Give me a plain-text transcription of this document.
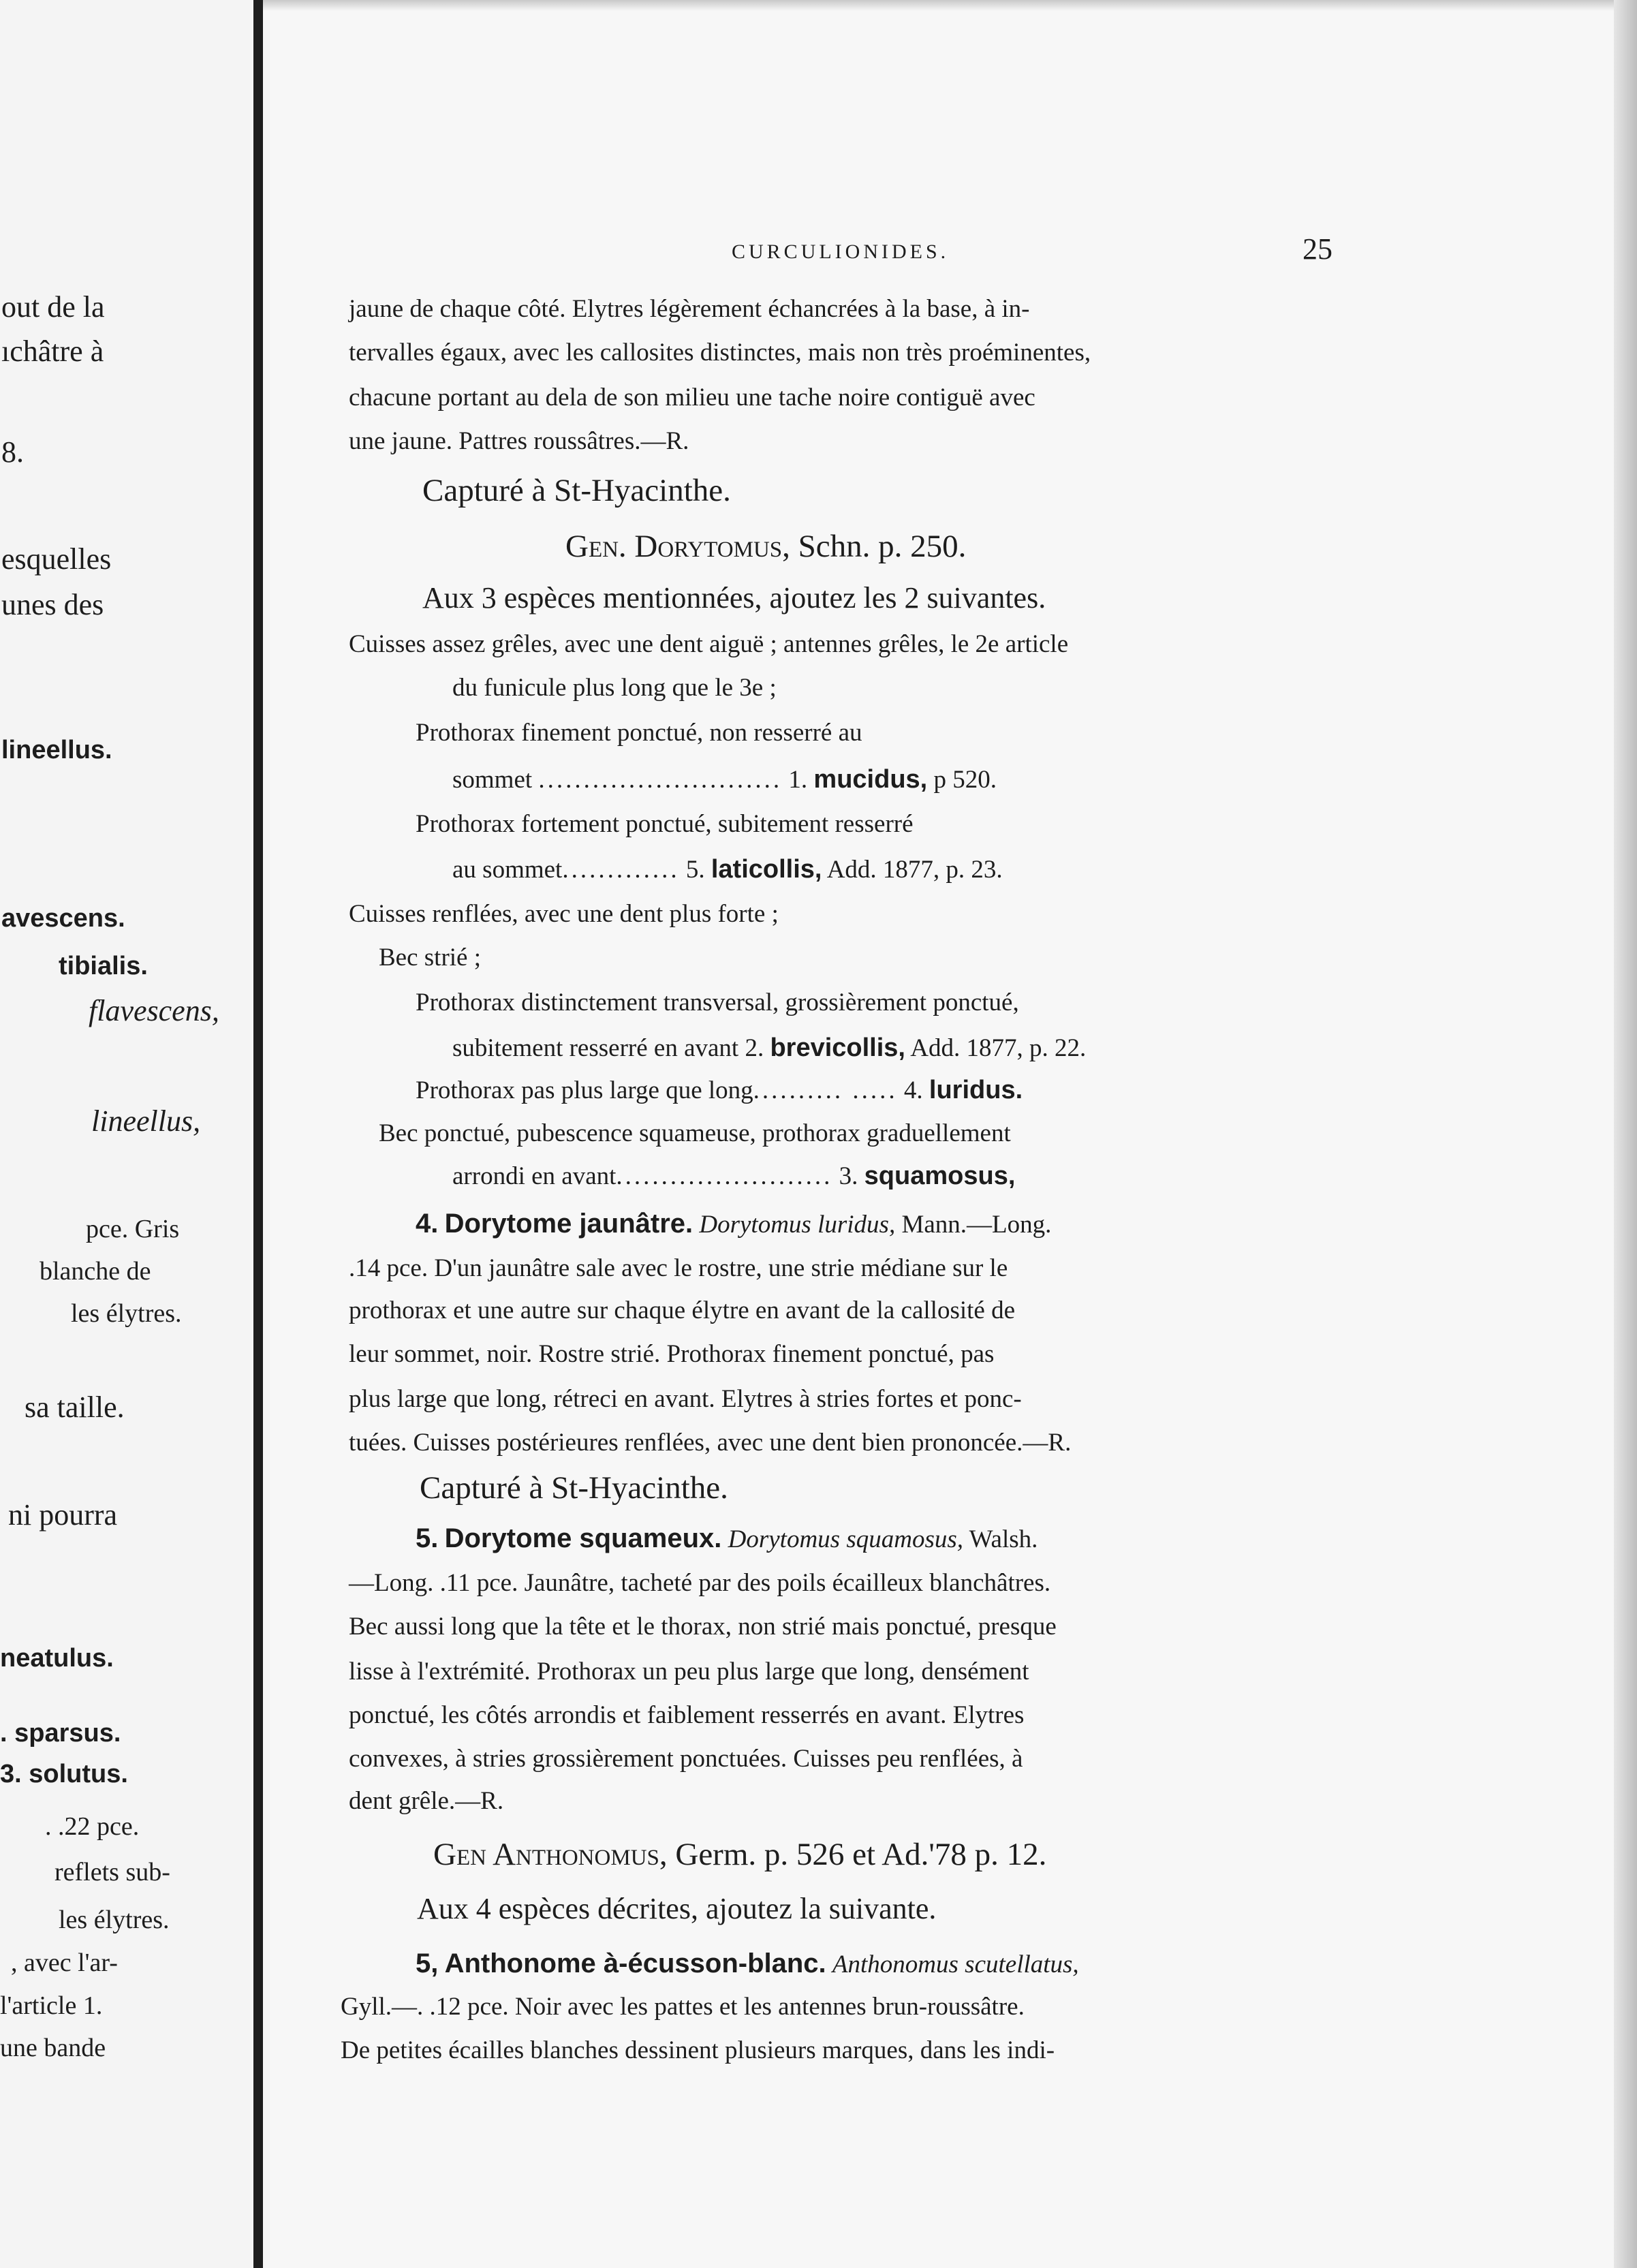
out de la
ıchâtre à
8.
esquelles
unes des
lineellus.
avescens.
tibialis.
flavescens,
lineellus,
pce. Gris
blanche de
les élytres.
sa taille.
ni pourra
neatulus.
. sparsus.
3. solutus.
. .22 pce.
reflets sub-
les élytres.
, avec l'ar-
l'article 1.
une bande
CURCULIONIDES.	25
jaune de chaque côté. Elytres légèrement échancrées à la base, à in-
tervalles égaux, avec les callosites distinctes, mais non très proéminentes,
chacune portant au dela de son milieu une tache noire contiguë avec
une jaune. Pattres roussâtres.—R.
Capturé à St-Hyacinthe.
Gen. Dorytomus, Schn. p. 250.
Aux 3 espèces mentionnées, ajoutez les 2 suivantes.
Cuisses assez grêles, avec une dent aiguë ; antennes grêles, le 2e article
du funicule plus long que le 3e ;
Prothorax finement ponctué, non resserré au
sommet ........................... 1. mucidus, p 520.
Prothorax fortement ponctué, subitement resserré
au sommet............. 5. laticollis, Add. 1877, p. 23.
Cuisses renflées, avec une dent plus forte ;
Bec strié ;
Prothorax distinctement transversal, grossièrement ponctué,
subitement resserré en avant 2. brevicollis, Add. 1877, p. 22.
Prothorax pas plus large que long.......... ..... 4. luridus.
Bec ponctué, pubescence squameuse, prothorax graduellement
arrondi en avant........................ 3. squamosus,
4. Dorytome jaunâtre. Dorytomus luridus, Mann.—Long.
.14 pce. D'un jaunâtre sale avec le rostre, une strie médiane sur le
prothorax et une autre sur chaque élytre en avant de la callosité de
leur sommet, noir. Rostre strié. Prothorax finement ponctué, pas
plus large que long, rétreci en avant. Elytres à stries fortes et ponc-
tuées. Cuisses postérieures renflées, avec une dent bien prononcée.—R.
Capturé à St-Hyacinthe.
5. Dorytome squameux. Dorytomus squamosus, Walsh.
—Long. .11 pce. Jaunâtre, tacheté par des poils écailleux blanchâtres.
Bec aussi long que la tête et le thorax, non strié mais ponctué, presque
lisse à l'extrémité. Prothorax un peu plus large que long, densément
ponctué, les côtés arrondis et faiblement resserrés en avant. Elytres
convexes, à stries grossièrement ponctuées. Cuisses peu renflées, à
dent grêle.—R.
Gen Anthonomus, Germ. p. 526 et Ad.'78 p. 12.
Aux 4 espèces décrites, ajoutez la suivante.
5, Anthonome à-écusson-blanc. Anthonomus scutellatus,
Gyll.—. .12 pce. Noir avec les pattes et les antennes brun-roussâtre.
De petites écailles blanches dessinent plusieurs marques, dans les indi-
